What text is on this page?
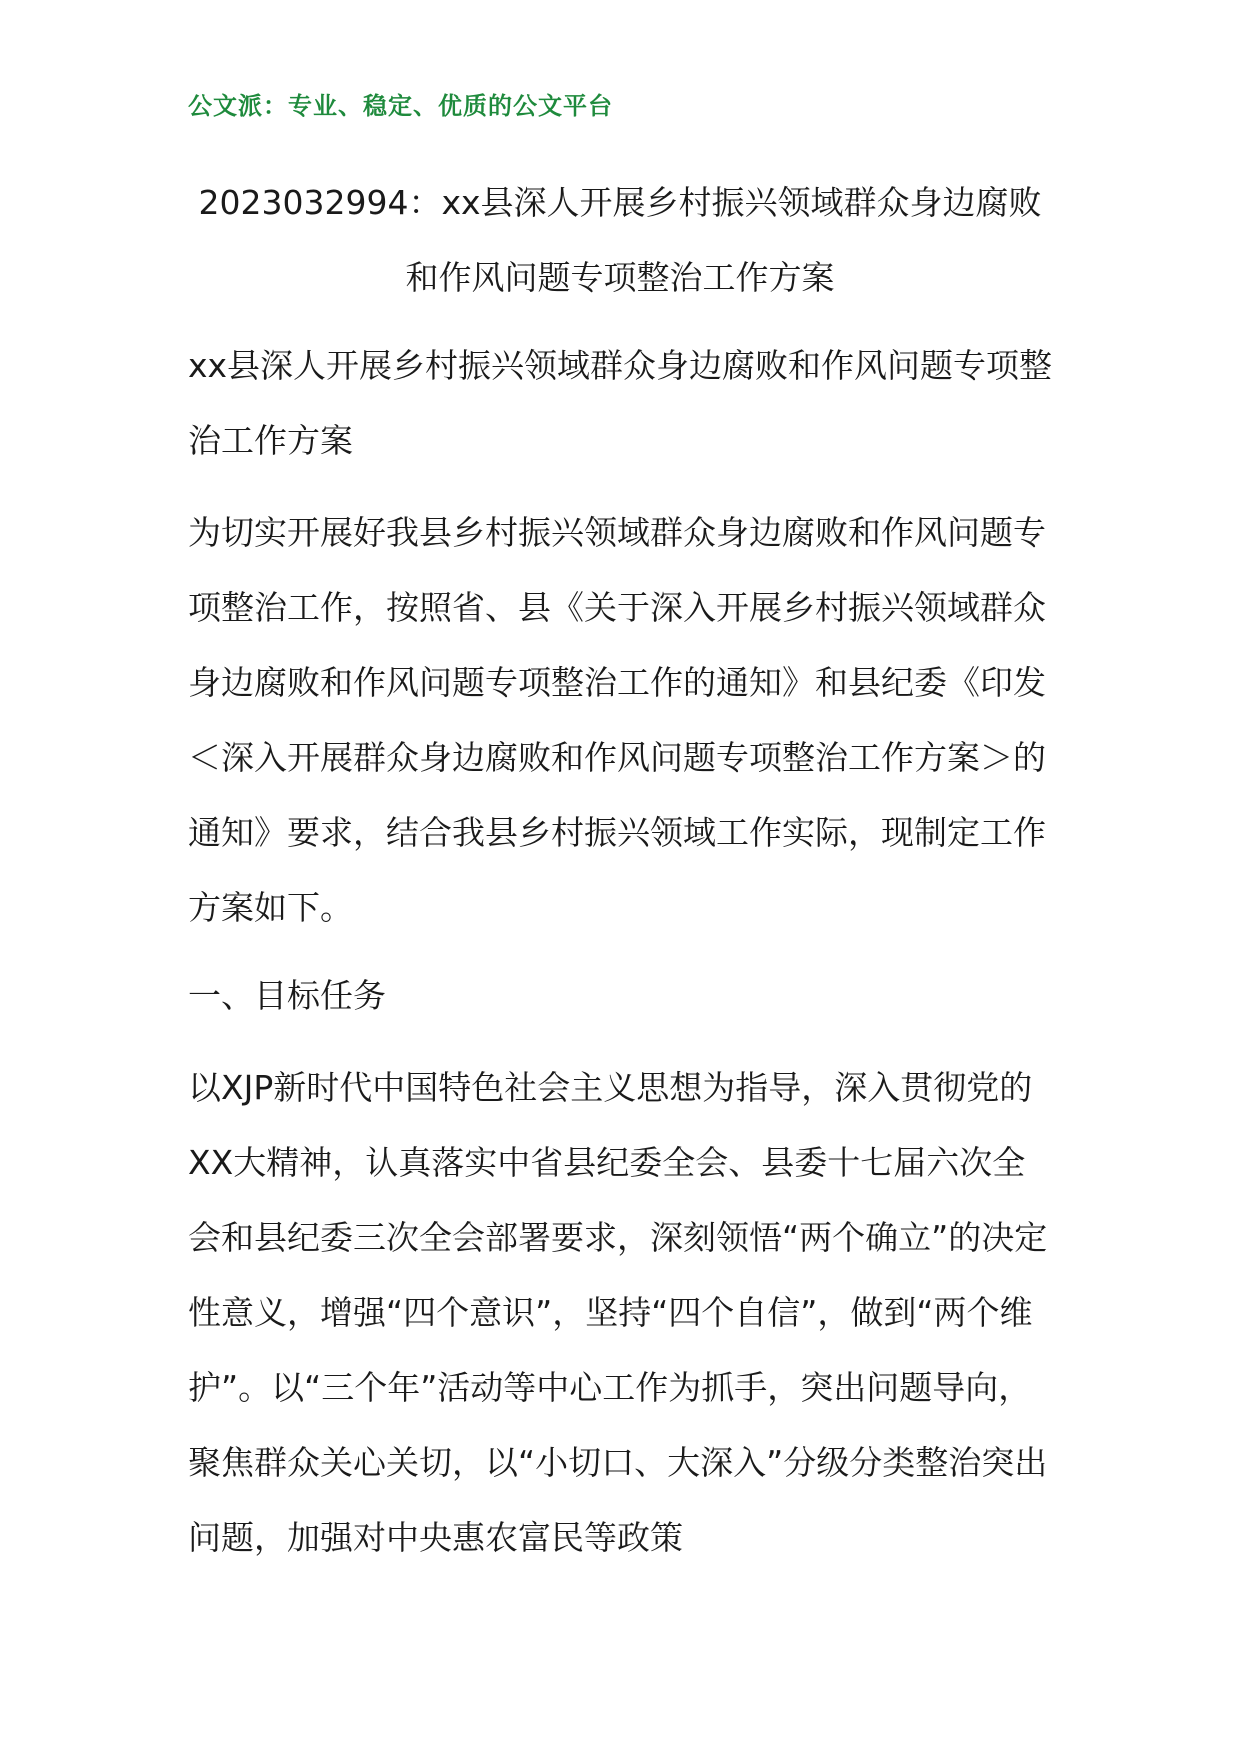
公文派：专业、稳定、优质的公文平台

2023032994：xx县深人开展乡村振兴领域群众身边腐败和作风问题专项整治工作方案

xx县深人开展乡村振兴领域群众身边腐败和作风问题专项整治工作方案

为切实开展好我县乡村振兴领域群众身边腐败和作风问题专项整治工作，按照省、县《关于深入开展乡村振兴领域群众身边腐败和作风问题专项整治工作的通知》和县纪委《印发＜深入开展群众身边腐败和作风问题专项整治工作方案＞的通知》要求，结合我县乡村振兴领域工作实际，现制定工作方案如下。

一、目标任务

以XJP新时代中国特色社会主义思想为指导，深入贯彻党的XX大精神，认真落实中省县纪委全会、县委十七届六次全会和县纪委三次全会部署要求，深刻领悟“两个确立”的决定性意义，增强“四个意识”，坚持“四个自信”，做到“两个维护”。以“三个年”活动等中心工作为抓手，突出问题导向，聚焦群众关心关切，以“小切口、大深入”分级分类整治突出问题，加强对中央惠农富民等政策
